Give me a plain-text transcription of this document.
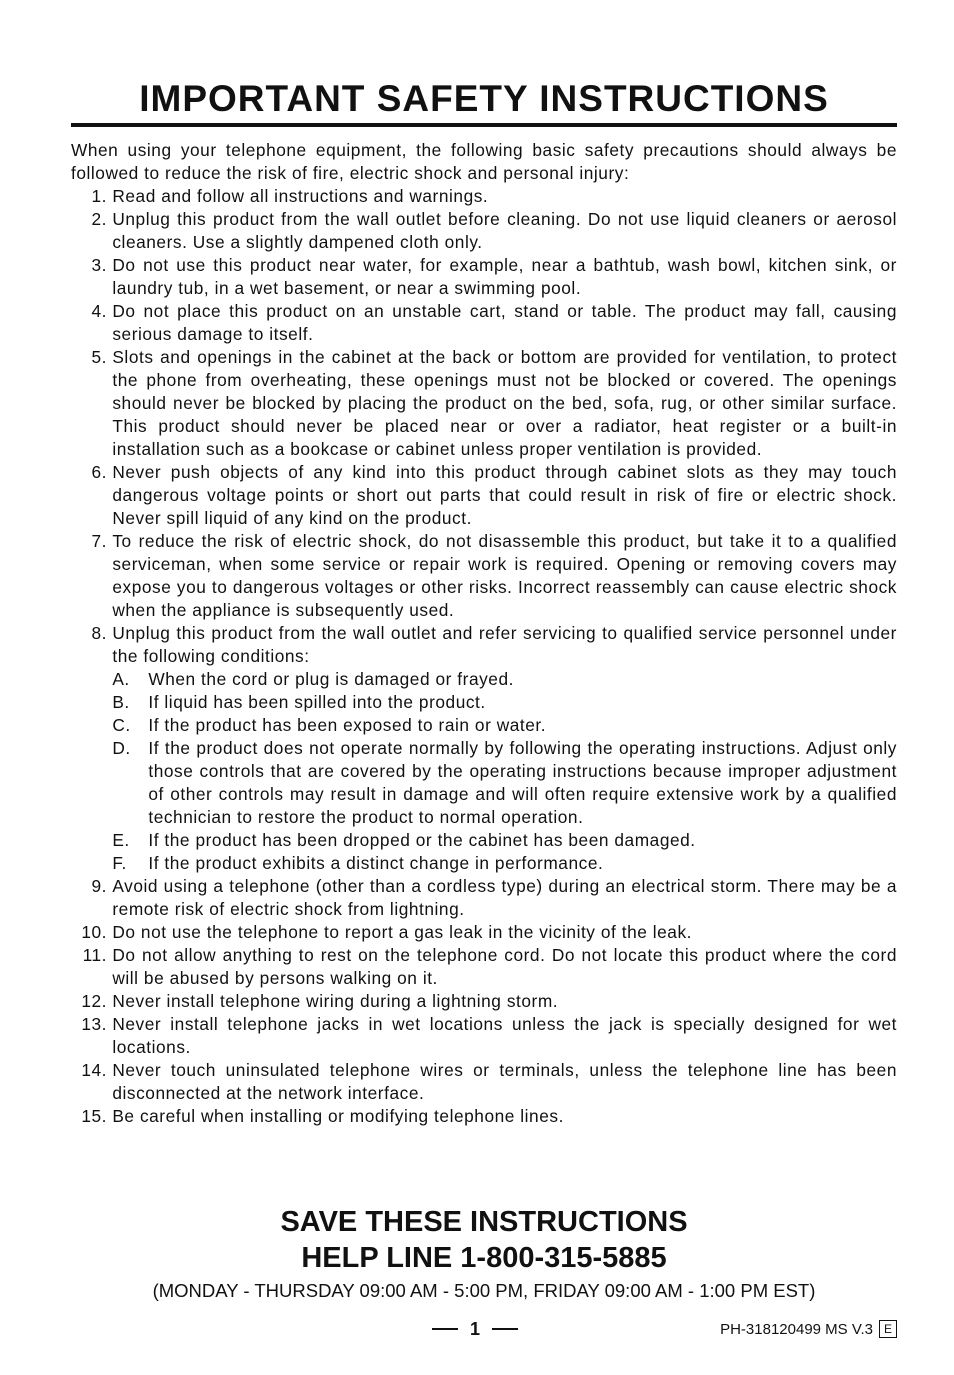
IMPORTANT SAFETY INSTRUCTIONS

When using your telephone equipment, the following basic safety precautions should always be followed to reduce the risk of fire, electric shock and personal injury:

1.
Read and follow all instructions and warnings.
2.
Unplug this product from the wall outlet before cleaning. Do not use liquid cleaners or aerosol cleaners. Use a slightly dampened cloth only.
3.
Do not use this product near water, for example, near a bathtub, wash bowl, kitchen sink, or laundry tub, in a wet basement, or near a swimming pool.
4.
Do not place this product on an unstable cart, stand or table. The product may fall, causing serious damage to itself.
5.
Slots and openings in the cabinet at the back or bottom are provided for ventilation, to protect the phone from overheating, these openings must not be blocked or covered. The openings should never be blocked by placing the product on the bed, sofa, rug, or other similar surface. This product should never be placed near or over a radiator, heat register or a built-in installation such as a bookcase or cabinet unless proper ventilation is provided.
6.
Never push objects of any kind into this product through cabinet slots as they may touch dangerous voltage points or short out parts that could result in risk of fire or electric shock. Never spill liquid of any kind on the product.
7.
To reduce the risk of electric shock, do not disassemble this product, but take it to a qualified serviceman, when some service or repair work is required. Opening or removing covers may expose you to dangerous voltages or other risks. Incorrect reassembly can cause electric shock when the appliance is subsequently used.
8.
Unplug this product from the wall outlet and refer servicing to qualified service personnel under the following conditions:
A.	When the cord or plug is damaged or frayed.
B.	If liquid has been spilled into the product.
C.	If the product has been exposed to rain or water.
D.	If the product does not operate normally by following the operating instructions. Adjust only those controls that are covered by the operating instructions because improper adjustment of other controls may result in damage and will often require extensive work by a qualified technician to restore the product to normal operation.
E.	If the product has been dropped or the cabinet has been damaged.
F.	If the product exhibits a distinct change in performance.
9.
Avoid using a telephone (other than a cordless type) during an electrical storm. There may be a remote risk of electric shock from lightning.
10.
Do not use the telephone to report a gas leak in the vicinity of the leak.
11.
Do not allow anything to rest on the telephone cord. Do not locate this product where the cord will be abused by persons walking on it.
12.
Never install telephone wiring during a lightning storm.
13.
Never install telephone jacks in wet locations unless the jack is specially designed for wet locations.
14.
Never touch uninsulated telephone wires or terminals, unless the telephone line has been disconnected at the network interface.
15.
Be careful when installing or modifying telephone lines.
SAVE THESE INSTRUCTIONS
HELP LINE 1-800-315-5885
(MONDAY - THURSDAY 09:00 AM - 5:00 PM, FRIDAY 09:00 AM - 1:00 PM EST)
1	PH-318120499 MS V.3 E
